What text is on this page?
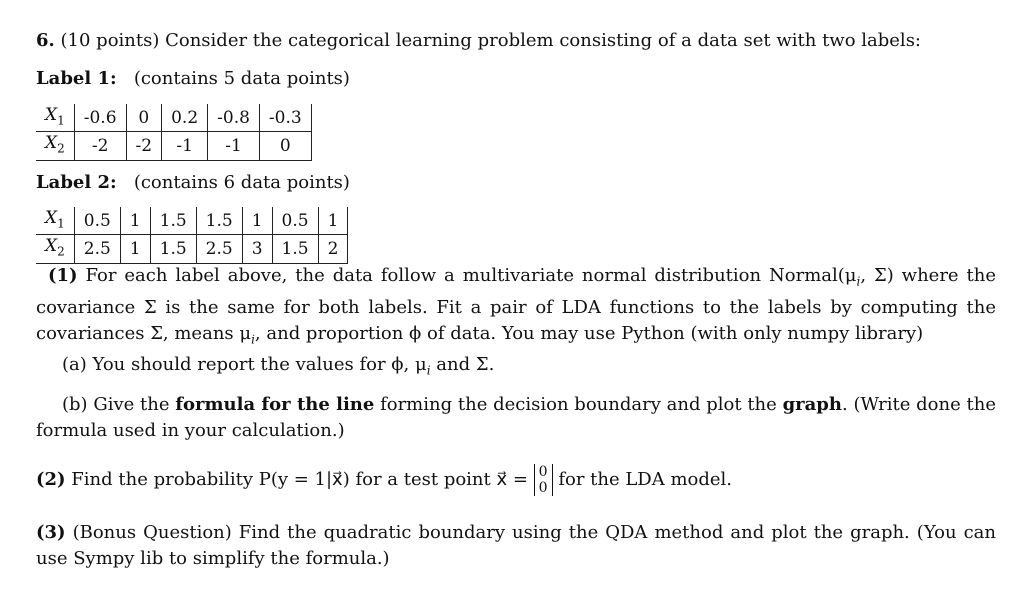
6. (10 points) Consider the categorical learning problem consisting of a data set with two labels:
Label 1: (contains 5 data points)
$X_1$	-0.6	0	0.2	-0.8	-0.3
$X_2$	-2	-2	-1	-1	0
Label 2: (contains 6 data points)
$X_1$	0.5	1	1.5	1.5	1	0.5	1
$X_2$	2.5	1	1.5	2.5	3	1.5	2
(1) For each label above, the data follow a multivariate normal distribution $Normal(\mu_i$, Σ) where the covariance Σ is the same for both labels. Fit a pair of LDA functions to the labels by computing the covariances Σ, means $\mu_i$, and proportion ϕ of data. You may use Python (with only numpy library)
(a) You should report the values for ϕ, $\mu_i$ and Σ.
(b) Give the formula for the line forming the decision boundary and plot the graph. (Write done the formula used in your calculation.)
(2) Find the probability P(y = 1|x⃗) for a test point x⃗ = 0
0 for the LDA model.
(3) (Bonus Question) Find the quadratic boundary using the QDA method and plot the graph. (You can use Sympy lib to simplify the formula.)
